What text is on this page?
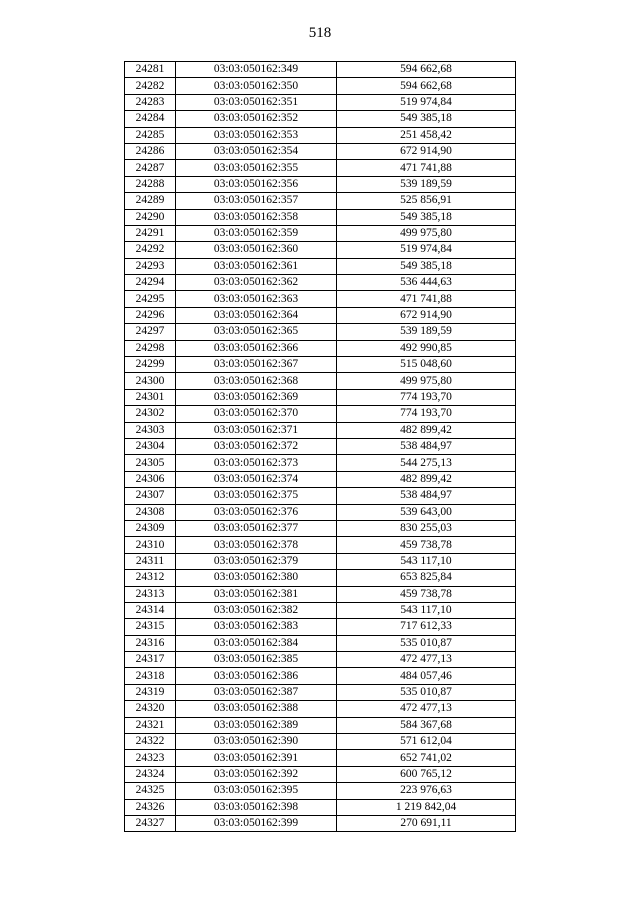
518
24281	03:03:050162:349	594 662,68
24282	03:03:050162:350	594 662,68
24283	03:03:050162:351	519 974,84
24284	03:03:050162:352	549 385,18
24285	03:03:050162:353	251 458,42
24286	03:03:050162:354	672 914,90
24287	03:03:050162:355	471 741,88
24288	03:03:050162:356	539 189,59
24289	03:03:050162:357	525 856,91
24290	03:03:050162:358	549 385,18
24291	03:03:050162:359	499 975,80
24292	03:03:050162:360	519 974,84
24293	03:03:050162:361	549 385,18
24294	03:03:050162:362	536 444,63
24295	03:03:050162:363	471 741,88
24296	03:03:050162:364	672 914,90
24297	03:03:050162:365	539 189,59
24298	03:03:050162:366	492 990,85
24299	03:03:050162:367	515 048,60
24300	03:03:050162:368	499 975,80
24301	03:03:050162:369	774 193,70
24302	03:03:050162:370	774 193,70
24303	03:03:050162:371	482 899,42
24304	03:03:050162:372	538 484,97
24305	03:03:050162:373	544 275,13
24306	03:03:050162:374	482 899,42
24307	03:03:050162:375	538 484,97
24308	03:03:050162:376	539 643,00
24309	03:03:050162:377	830 255,03
24310	03:03:050162:378	459 738,78
24311	03:03:050162:379	543 117,10
24312	03:03:050162:380	653 825,84
24313	03:03:050162:381	459 738,78
24314	03:03:050162:382	543 117,10
24315	03:03:050162:383	717 612,33
24316	03:03:050162:384	535 010,87
24317	03:03:050162:385	472 477,13
24318	03:03:050162:386	484 057,46
24319	03:03:050162:387	535 010,87
24320	03:03:050162:388	472 477,13
24321	03:03:050162:389	584 367,68
24322	03:03:050162:390	571 612,04
24323	03:03:050162:391	652 741,02
24324	03:03:050162:392	600 765,12
24325	03:03:050162:395	223 976,63
24326	03:03:050162:398	1 219 842,04
24327	03:03:050162:399	270 691,11
